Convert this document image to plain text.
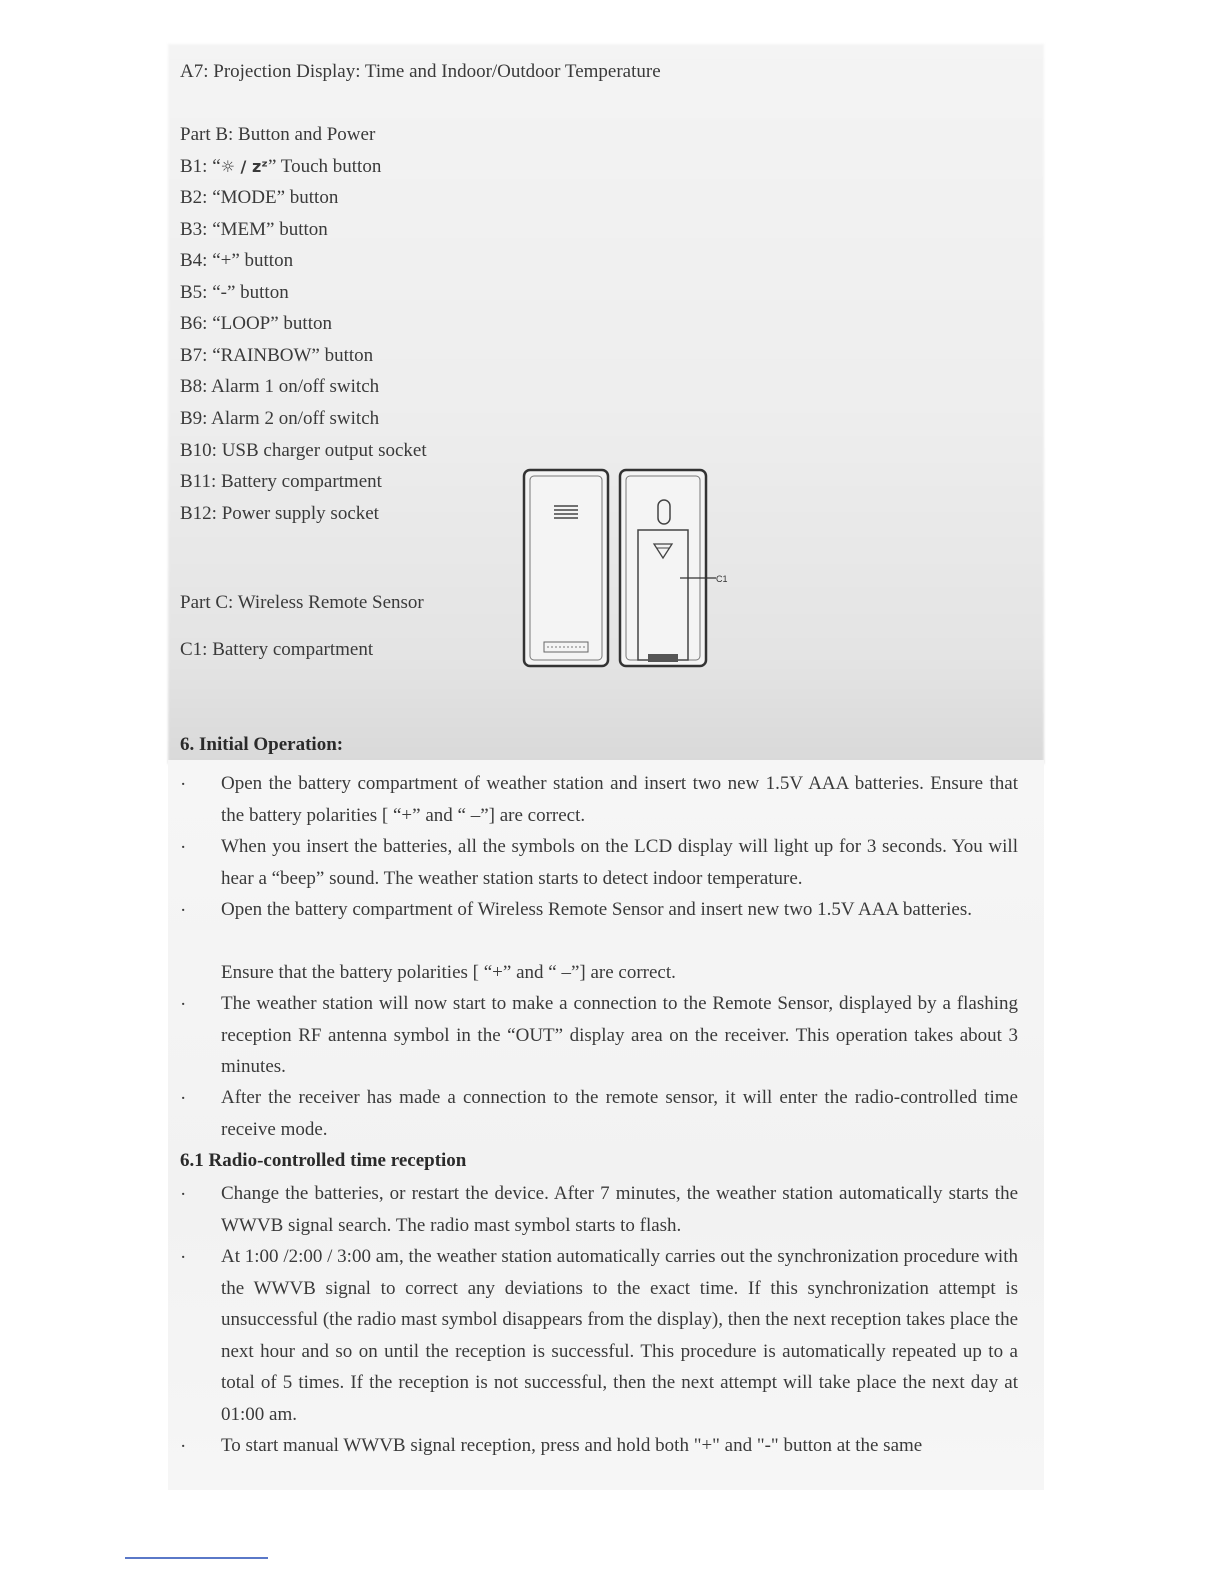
A7: Projection Display: Time and Indoor/Outdoor Temperature
Part B: Button and Power
B1: “☼ / zᶻ” Touch button
B2: “MODE” button
B3: “MEM” button
B4: “+” button
B5: “-” button
B6: “LOOP” button
B7: “RAINBOW” button
B8: Alarm 1 on/off switch
B9: Alarm 2 on/off switch
B10: USB charger output socket
B11: Battery compartment
B12: Power supply socket
Part C: Wireless Remote Sensor
C1: Battery compartment
C1
6. Initial Operation:
· Open the battery compartment of weather station and insert two new 1.5V AAA batteries. Ensure that the battery polarities [ “+” and “ –”] are correct.
· When you insert the batteries, all the symbols on the LCD display will light up for 3 seconds. You will hear a “beep” sound. The weather station starts to detect indoor temperature.
· Open the battery compartment of Wireless Remote Sensor and insert new two 1.5V AAA batteries.
Ensure that the battery polarities [ “+” and “ –”] are correct.
· The weather station will now start to make a connection to the Remote Sensor, displayed by a flashing reception RF antenna symbol in the “OUT” display area on the receiver. This operation takes about 3 minutes.
· After the receiver has made a connection to the remote sensor, it will enter the radio-controlled time receive mode.
6.1 Radio-controlled time reception
· Change the batteries, or restart the device. After 7 minutes, the weather station automatically starts the WWVB signal search. The radio mast symbol starts to flash.
· At 1:00 /2:00 / 3:00 am, the weather station automatically carries out the synchronization procedure with the WWVB signal to correct any deviations to the exact time. If this synchronization attempt is unsuccessful (the radio mast symbol disappears from the display), then the next reception takes place the next hour and so on until the reception is successful. This procedure is automatically repeated up to a total of 5 times. If the reception is not successful, then the next attempt will take place the next day at 01:00 am.
· To start manual WWVB signal reception, press and hold both "+" and "-" button at the same
